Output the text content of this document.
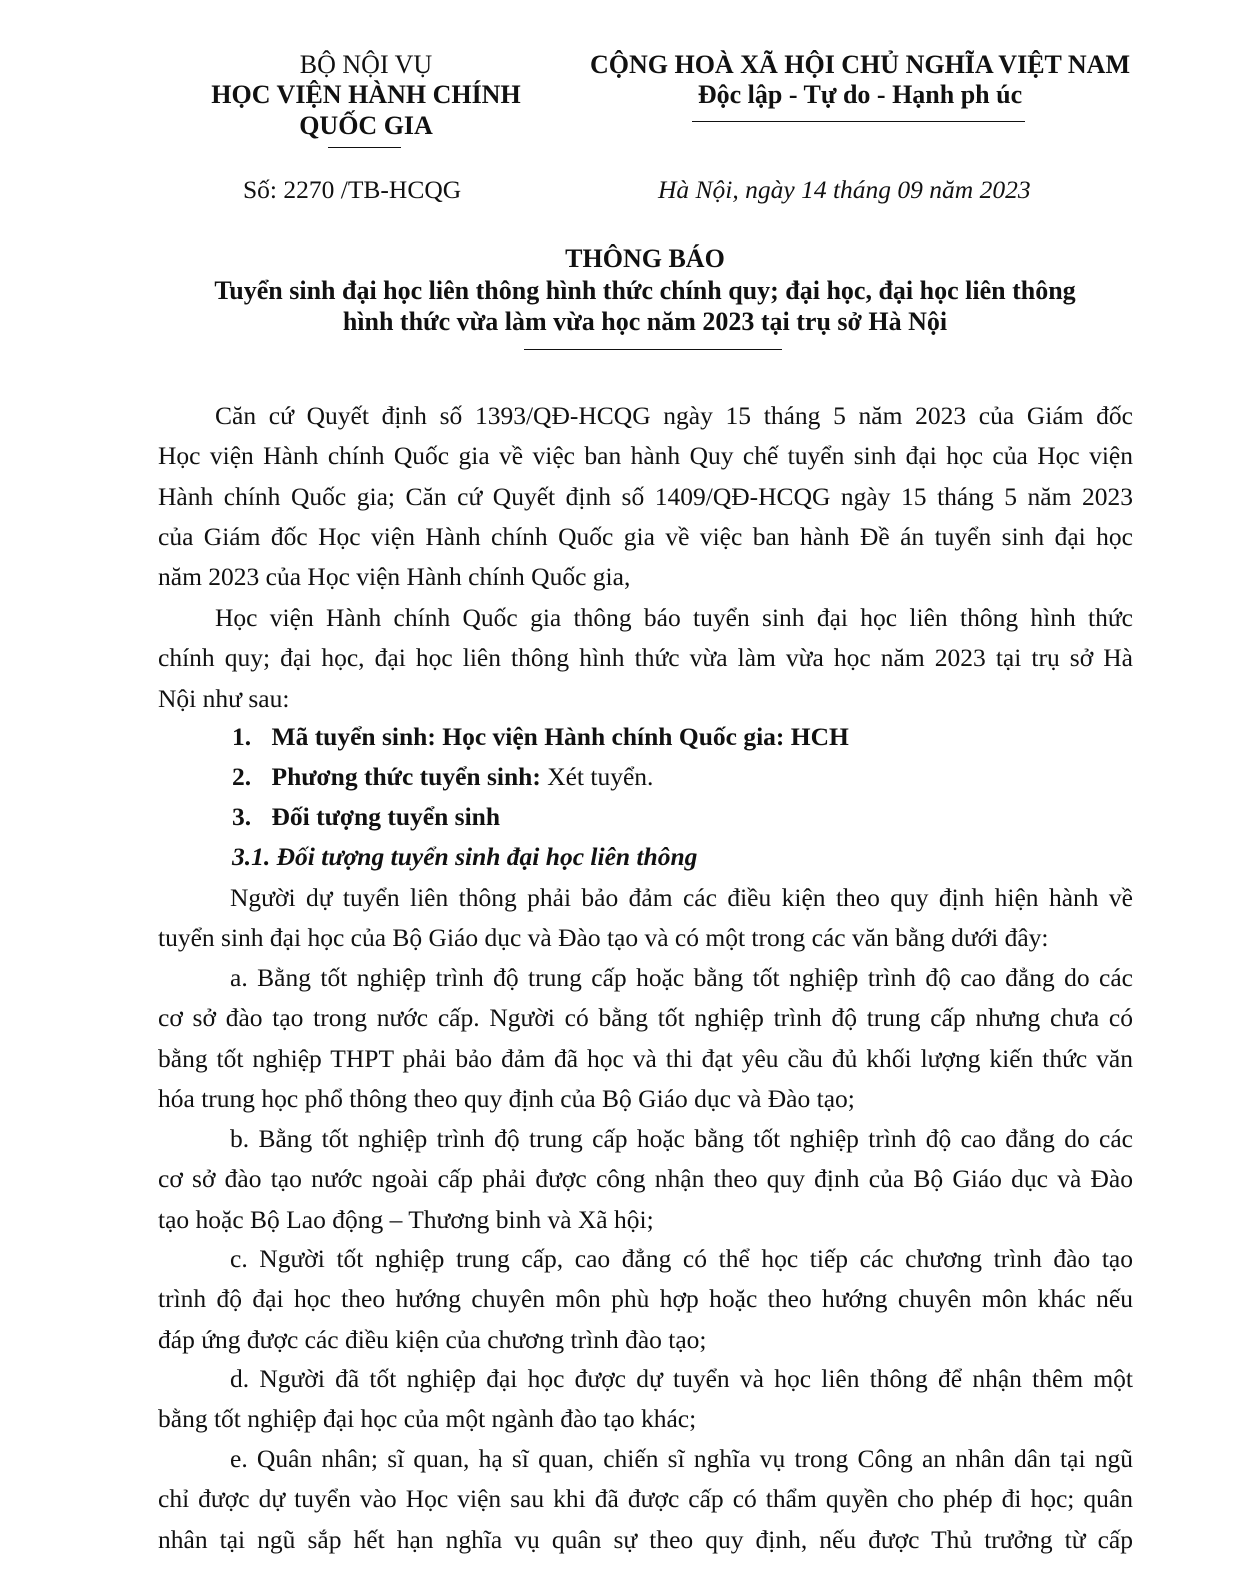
BỘ NỘI VỤ
HỌC VIỆN HÀNH CHÍNH
QUỐC GIA
Số: 2270 /TB-HCQG
CỘNG HOÀ XÃ HỘI CHỦ NGHĨA VIỆT NAM
Độc lập - Tự do - Hạnh ph úc
Hà Nội, ngày 14 tháng 09 năm 2023
THÔNG BÁO
Tuyển sinh đại học liên thông hình thức chính quy; đại học, đại học liên thông
hình thức vừa làm vừa học năm 2023 tại trụ sở Hà Nội
Căn cứ Quyết định số 1393/QĐ-HCQG ngày 15 tháng 5 năm 2023 của Giám đốc
Học viện Hành chính Quốc gia về việc ban hành Quy chế tuyển sinh đại học của Học viện
Hành chính Quốc gia; Căn cứ Quyết định số 1409/QĐ-HCQG ngày 15 tháng 5 năm 2023
của Giám đốc Học viện Hành chính Quốc gia về việc ban hành Đề án tuyển sinh đại học
năm 2023 của Học viện Hành chính Quốc gia,
Học viện Hành chính Quốc gia thông báo tuyển sinh đại học liên thông hình thức
chính quy; đại học, đại học liên thông hình thức vừa làm vừa học năm 2023 tại trụ sở Hà
Nội như sau:
1. Mã tuyển sinh: Học viện Hành chính Quốc gia: HCH
2. Phương thức tuyển sinh: Xét tuyển.
3. Đối tượng tuyển sinh
3.1. Đối tượng tuyển sinh đại học liên thông
Người dự tuyển liên thông phải bảo đảm các điều kiện theo quy định hiện hành về
tuyển sinh đại học của Bộ Giáo dục và Đào tạo và có một trong các văn bằng dưới đây:
a. Bằng tốt nghiệp trình độ trung cấp hoặc bằng tốt nghiệp trình độ cao đẳng do các
cơ sở đào tạo trong nước cấp. Người có bằng tốt nghiệp trình độ trung cấp nhưng chưa có
bằng tốt nghiệp THPT phải bảo đảm đã học và thi đạt yêu cầu đủ khối lượng kiến thức văn
hóa trung học phổ thông theo quy định của Bộ Giáo dục và Đào tạo;
b. Bằng tốt nghiệp trình độ trung cấp hoặc bằng tốt nghiệp trình độ cao đẳng do các
cơ sở đào tạo nước ngoài cấp phải được công nhận theo quy định của Bộ Giáo dục và Đào
tạo hoặc Bộ Lao động – Thương binh và Xã hội;
c. Người tốt nghiệp trung cấp, cao đẳng có thể học tiếp các chương trình đào tạo
trình độ đại học theo hướng chuyên môn phù hợp hoặc theo hướng chuyên môn khác nếu
đáp ứng được các điều kiện của chương trình đào tạo;
d. Người đã tốt nghiệp đại học được dự tuyển và học liên thông để nhận thêm một
bằng tốt nghiệp đại học của một ngành đào tạo khác;
e. Quân nhân; sĩ quan, hạ sĩ quan, chiến sĩ nghĩa vụ trong Công an nhân dân tại ngũ
chỉ được dự tuyển vào Học viện sau khi đã được cấp có thẩm quyền cho phép đi học; quân
nhân tại ngũ sắp hết hạn nghĩa vụ quân sự theo quy định, nếu được Thủ trưởng từ cấp
